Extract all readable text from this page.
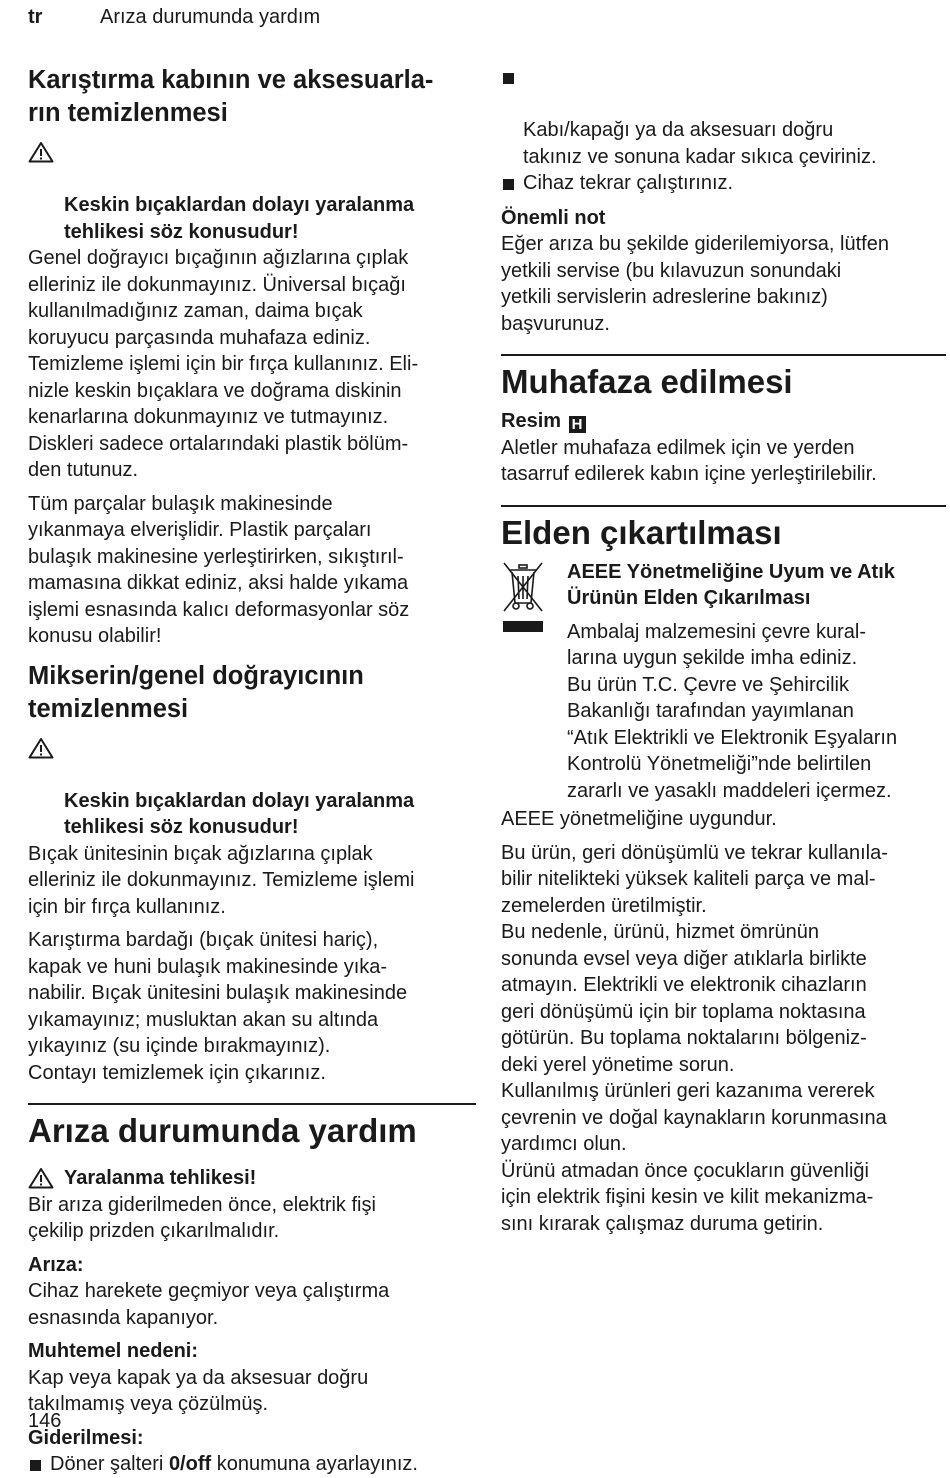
tr	Arıza durumunda yardım
Karıştırma kabının ve aksesuarla-
rın temizlenmesi

Keskin bıçaklardan dolayı yaralanma
tehlikesi söz konusudur!

Genel doğrayıcı bıçağının ağızlarına çıplak
elleriniz ile dokunmayınız. Üniversal bıçağı
kullanılmadığınız zaman, daima bıçak
koruyucu parçasında muhafaza ediniz.
Temizleme işlemi için bir fırça kullanınız. Eli-
nizle keskin bıçaklara ve doğrama diskinin
kenarlarına dokunmayınız ve tutmayınız.
Diskleri sadece ortalarındaki plastik bölüm-
den tutunuz.

Tüm parçalar bulaşık makinesinde
yıkanmaya elverişlidir. Plastik parçaları
bulaşık makinesine yerleştirirken, sıkıştırıl-
mamasına dikkat ediniz, aksi halde yıkama
işlemi esnasında kalıcı deformasyonlar söz
konusu olabilir!

Mikserin/genel doğrayıcının
temizlenmesi

Keskin bıçaklardan dolayı yaralanma
tehlikesi söz konusudur!

Bıçak ünitesinin bıçak ağızlarına çıplak
elleriniz ile dokunmayınız. Temizleme işlemi
için bir fırça kullanınız.

Karıştırma bardağı (bıçak ünitesi hariç),
kapak ve huni bulaşık makinesinde yıka-
nabilir. Bıçak ünitesini bulaşık makinesinde
yıkamayınız; musluktan akan su altında
yıkayınız (su içinde bırakmayınız).
Contayı temizlemek için çıkarınız.

Arıza durumunda yardım
Yaralanma tehlikesi!

Bir arıza giderilmeden önce, elektrik fişi
çekilip prizden çıkarılmalıdır.

Arıza:

Cihaz harekete geçmiyor veya çalıştırma
esnasında kapanıyor.

Muhtemel nedeni:

Kap veya kapak ya da aksesuar doğru
takılmamış veya çözülmüş.

Giderilmesi:

Döner şalteri 0/off konumuna ayarlayınız.

Kabı/kapağı ya da aksesuarı doğru
takınız ve sonuna kadar sıkıca çeviriniz.

Cihaz tekrar çalıştırınız.

Önemli not

Eğer arıza bu şekilde giderilemiyorsa, lütfen
yetkili servise (bu kılavuzun sonundaki
yetkili servislerin adreslerine bakınız)
başvurunuz.

Muhafaza edilmesi

Resim H

Aletler muhafaza edilmek için ve yerden
tasarruf edilerek kabın içine yerleştirilebilir.

Elden çıkartılması

AEEE Yönetmeliğine Uyum ve Atık
Ürünün Elden Çıkarılması

Ambalaj malzemesini çevre kural-
larına uygun şekilde imha ediniz.
Bu ürün T.C. Çevre ve Şehircilik
Bakanlığı tarafından yayımlanan
“Atık Elektrikli ve Elektronik Eşyaların
Kontrolü Yönetmeliği”nde belirtilen
zararlı ve yasaklı maddeleri içermez.

AEEE yönetmeliğine uygundur.

Bu ürün, geri dönüşümlü ve tekrar kullanıla-
bilir nitelikteki yüksek kaliteli parça ve mal-
zemelerden üretilmiştir.
Bu nedenle, ürünü, hizmet ömrünün
sonunda evsel veya diğer atıklarla birlikte
atmayın. Elektrikli ve elektronik cihazların
geri dönüşümü için bir toplama noktasına
götürün. Bu toplama noktalarını bölgeniz-
deki yerel yönetime sorun.
Kullanılmış ürünleri geri kazanıma vererek
çevrenin ve doğal kaynakların korunmasına
yardımcı olun.
Ürünü atmadan önce çocukların güvenliği
için elektrik fişini kesin ve kilit mekanizma-
sını kırarak çalışmaz duruma getirin.

146
